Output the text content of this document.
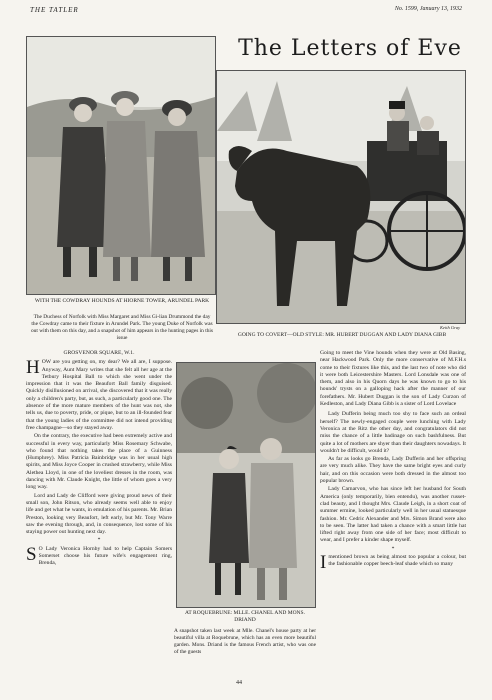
THE TATLER	No. 1599, January 13, 1932
The Letters of Eve
Keith Gray
WITH THE COWDRAY HOUNDS AT HIORNE TOWER, ARUNDEL PARK
The Duchess of Norfolk with Miss Margaret and Miss Gi-lian Drummond the day the Cowdray came to their fixture in Arundel Park. The young Duke of Norfolk was out with them on this day, and a snapshot of him appears in the hunting pages in this issue	GOING TO COVERT—OLD STYLE: MR. HUBERT DUGGAN AND LADY DIANA GIBB

GROSVENOR SQUARE, W.1.

HOW are you getting on, my dear? We all are, I suppose. Anyway, Aunt Mary writes that she felt all her age at the Tetbury Hospital Ball to which she went under the impression that it was the Beaufort Ball family disguised. Quickly disillusioned on arrival, she discovered that it was really only a children's party, but, as such, a particularly good one. The absence of the more mature members of the hunt was not, she tells us, due to poverty, pride, or pique, but to an ill-founded fear that the young ladies of the committee did not intend providing free champagne—so they stayed away.

On the contrary, the executive had been extremely active and successful in every way, particularly Miss Rosemary Schwabe, who found that nothing takes the place of a Guinness (Humphrey). Miss Patricia Bainbridge was in her usual high spirits, and Miss Joyce Cooper in crushed strawberry, while Miss Alethea Lloyd, in one of the loveliest dresses in the room, was dancing with Mr. Claude Knight, the little of whom goes a very long way.

Lord and Lady de Clifford were giving proud news of their small son, John Ritson, who already seems well able to enjoy life and get what he wants, in emulation of his parents. Mr. Brian Preston, looking very Beaufort, left early, but Mr. Tony Warre saw the evening through, and, in consequence, lost some of his staying power out hunting next day.

*

S O Lady Veronica Hornby had to help Captain Somers Somerset choose his future wife's engagement ring, Brenda,

AT ROQUEBRUNE: MLLE. CHANEL AND MONS. DRIAND
A snapshot taken last week at Mlle. Chanel's house party at her beautiful villa at Roquebrune, which has an even more beautiful garden. Mons. Driand is the famous French artist, who was one of the guests

Going to meet the Vine hounds when they were at Old Basing, near Hackwood Park. Only the more conservative of M.F.H.s come to their fixtures like this, and the last two of note who did it were both Leicestershire Masters. Lord Lonsdale was one of them, and also in his Quorn days he was known to go to his hounds' trysts on a galloping hack after the manner of our forefathers. Mr. Hubert Duggan is the son of Lady Curzon of Kedleston, and Lady Diana Gibb is a sister of Lord Lovelace

Lady Dufferin being much too shy to face such an ordeal herself? The newly-engaged couple were lunching with Lady Veronica at the Ritz the other day, and congratulators did not miss the chance of a little badinage on such bashfulness. But quite a lot of mothers are shyer than their daughters nowadays. It wouldn't be difficult, would it?

As far as looks go Brenda, Lady Dufferin and her offspring are very much alike. They have the same bright eyes and curly hair, and on this occasion were both dressed in the almost too popular brown.

Lady Carnarvon, who has since left her husband for South America (only temporarily, bien entendu), was another russet-clad beauty, and I thought Mrs. Claude Leigh, in a short coat of summer ermine, looked particularly well in her usual statuesque fashion. Mr. Cedric Alexander and Mrs. Simon Brand were also to be seen. The latter had taken a chance with a smart little hat lifted right away from one side of her face; most difficult to wear, and I prefer a kinder shape myself.

*

Imentioned brown as being almost too popular a colour, but the fashionable copper beech-leaf shade which so many

44
